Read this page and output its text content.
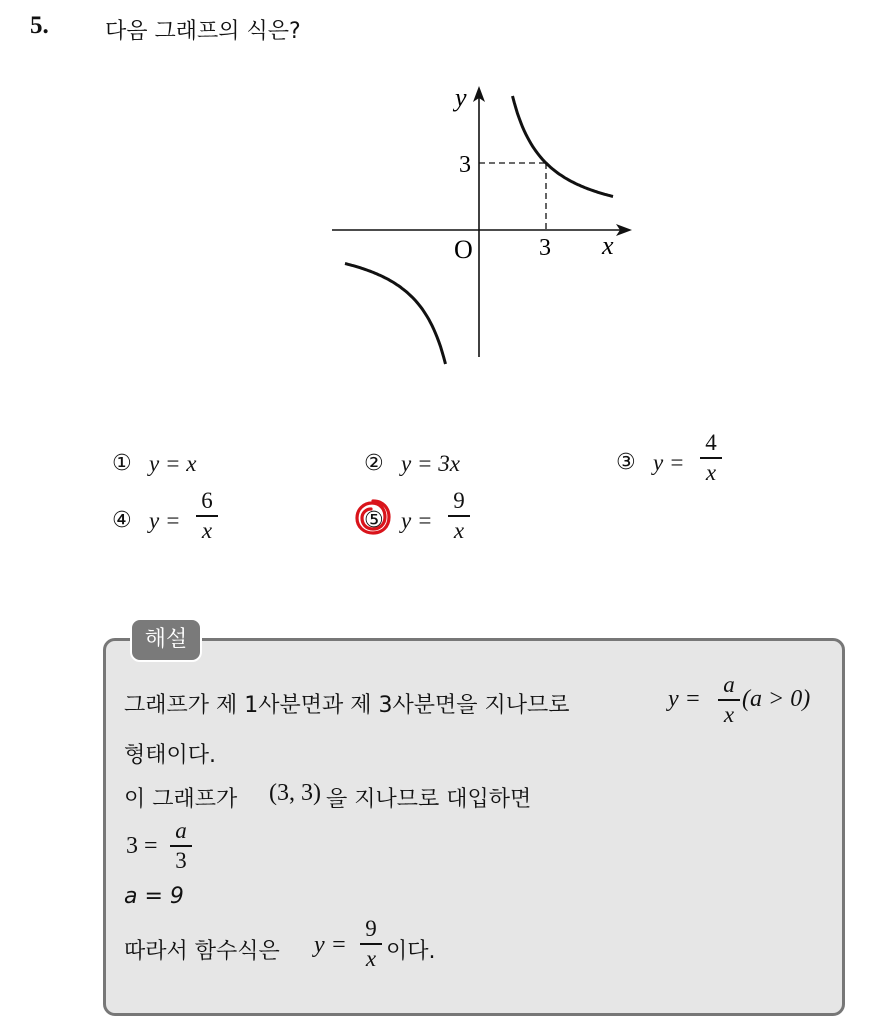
5.	다음 그래프의 식은?
y
x
O	3
3
① y = x	② y = 3x	③ y =
4
x
④ y =
6
x	⑤ y =
9
x
해설
그래프가 제 1사분면과 제 3사분면을 지나므로	y =
a
x
(a > 0)
형태이다.
이 그래프가 (3, 3) 을 지나므로 대입하면
3 =
a
3
a = 9
따라서 함수식은 y =
9
x 이다.
